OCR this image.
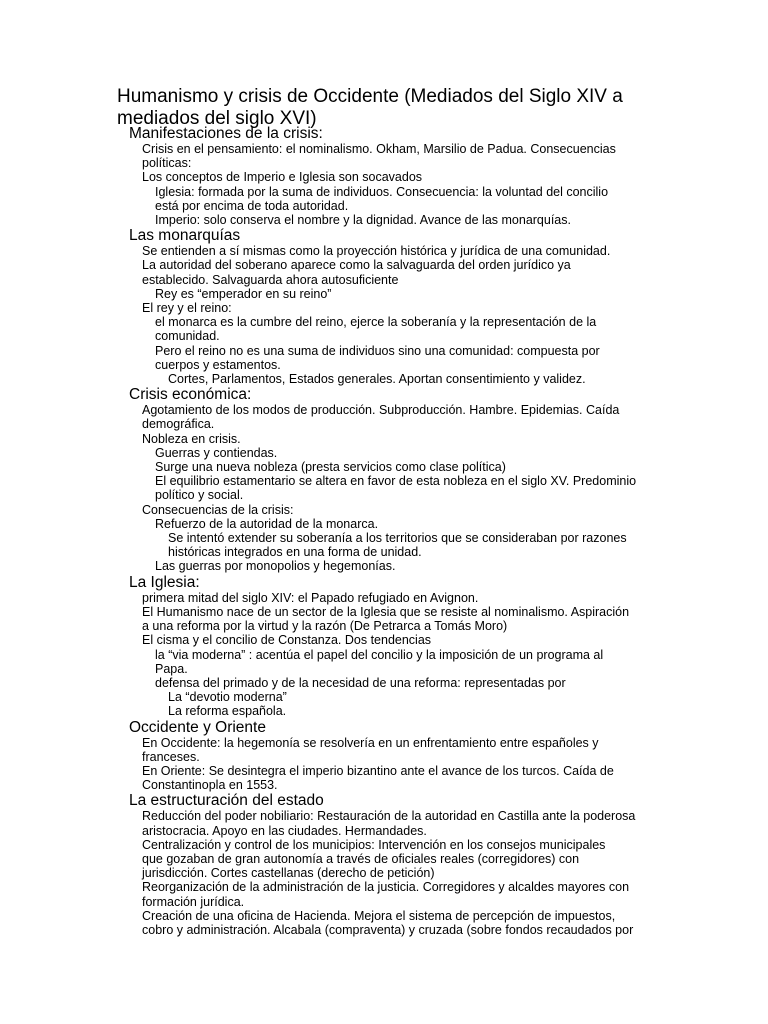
Humanismo y crisis de Occidente (Mediados del Siglo XIV a
mediados del siglo XVI)
Manifestaciones de la crisis:
Crisis en el pensamiento: el nominalismo. Okham, Marsilio de Padua. Consecuencias
políticas:
Los conceptos de Imperio e Iglesia son socavados
Iglesia: formada por la suma de individuos. Consecuencia: la voluntad del concilio
está por encima de toda autoridad.
Imperio: solo conserva el nombre y la dignidad. Avance de las monarquías.
Las monarquías
Se entienden a sí mismas como la proyección histórica y jurídica de una comunidad.
La autoridad del soberano aparece como la salvaguarda del orden jurídico ya
establecido. Salvaguarda ahora autosuficiente
Rey es “emperador en su reino”
El rey y el reino:
el monarca es la cumbre del reino, ejerce la soberanía y la representación de la
comunidad.
Pero el reino no es una suma de individuos sino una comunidad: compuesta por
cuerpos y estamentos.
Cortes, Parlamentos, Estados generales. Aportan consentimiento y validez.
Crisis económica:
Agotamiento de los modos de producción. Subproducción. Hambre. Epidemias. Caída
demográfica.
Nobleza en crisis.
Guerras y contiendas.
Surge una nueva nobleza (presta servicios como clase política)
El equilibrio estamentario se altera en favor de esta nobleza en el siglo XV. Predominio
político y social.
Consecuencias de la crisis:
Refuerzo de la autoridad de la monarca.
Se intentó extender su soberanía a los territorios que se consideraban por razones
históricas integrados en una forma de unidad.
Las guerras por monopolios y hegemonías.
La Iglesia:
primera mitad del siglo XIV: el Papado refugiado en Avignon.
El Humanismo nace de un sector de la Iglesia que se resiste al nominalismo. Aspiración
a una reforma por la virtud y la razón (De Petrarca a Tomás Moro)
El cisma y el concilio de Constanza. Dos tendencias
la “via moderna” : acentúa el papel del concilio y la imposición de un programa al
Papa.
defensa del primado y de la necesidad de una reforma: representadas por
La “devotio moderna”
La reforma española.
Occidente y Oriente
En Occidente: la hegemonía se resolvería en un enfrentamiento entre españoles y
franceses.
En Oriente: Se desintegra el imperio bizantino ante el avance de los turcos. Caída de
Constantinopla en 1553.
La estructuración del estado
Reducción del poder nobiliario: Restauración de la autoridad en Castilla ante la poderosa
aristocracia. Apoyo en las ciudades. Hermandades.
Centralización y control de los municipios: Intervención en los consejos municipales
que gozaban de gran autonomía a través de oficiales reales (corregidores) con
jurisdicción. Cortes castellanas (derecho de petición)
Reorganización de la administración de la justicia. Corregidores y alcaldes mayores con
formación jurídica.
Creación de una oficina de Hacienda. Mejora el sistema de percepción de impuestos,
cobro y administración. Alcabala (compraventa) y cruzada (sobre fondos recaudados por
